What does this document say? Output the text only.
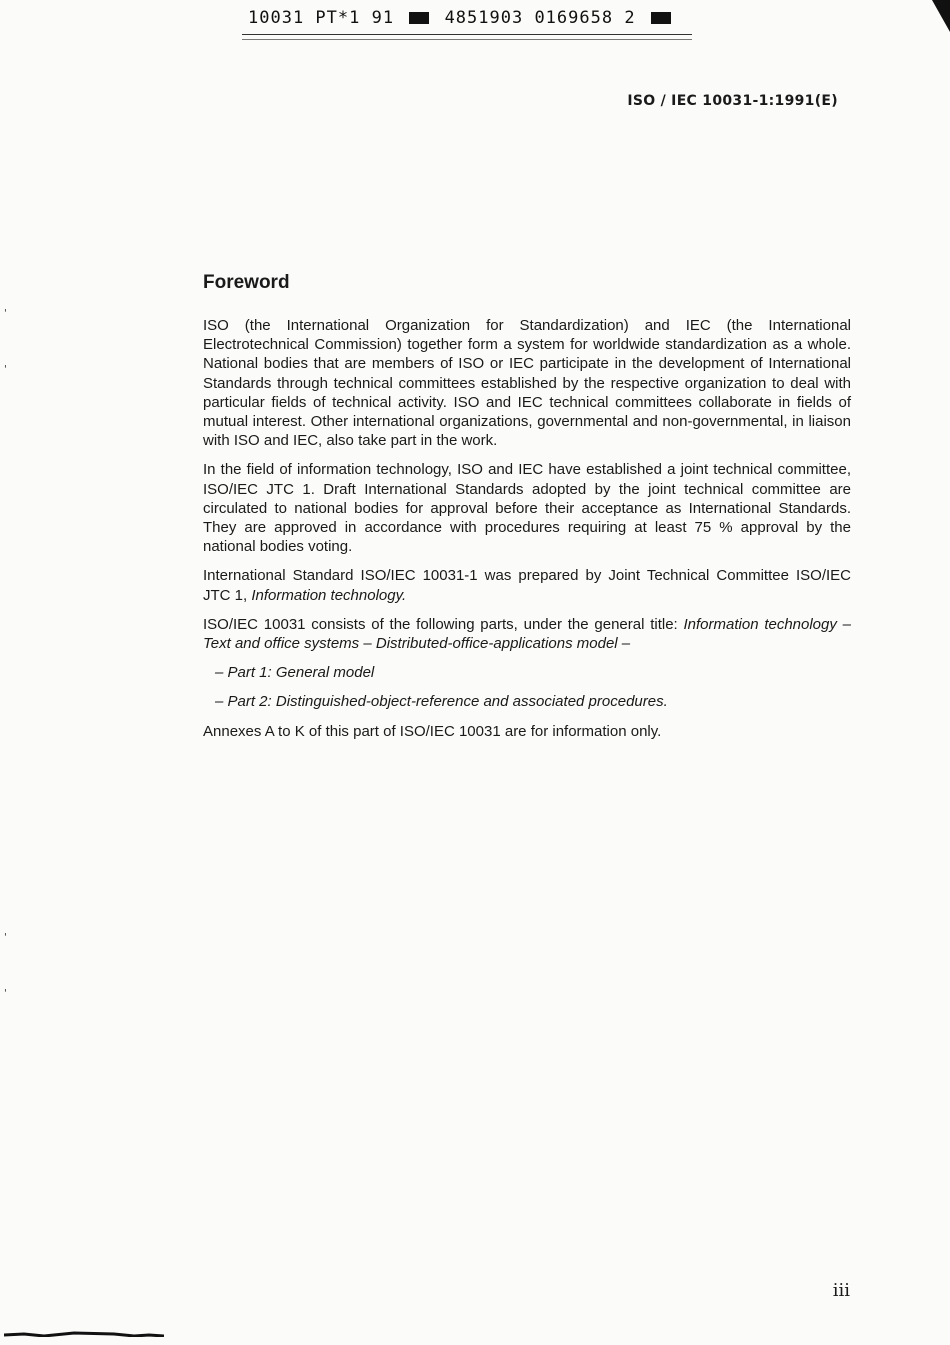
10031 PT*1 91	4851903 0169658 2
ISO / IEC 10031-1:1991(E)
Foreword

ISO (the International Organization for Standardization) and IEC (the International Electrotechnical Commission) together form a system for worldwide standardization as a whole. National bodies that are members of ISO or IEC participate in the development of International Standards through technical committees established by the respective organization to deal with particular fields of technical activity. ISO and IEC technical committees collaborate in fields of mutual interest. Other international organizations, governmental and non-governmental, in liaison with ISO and IEC, also take part in the work.

In the field of information technology, ISO and IEC have established a joint technical committee, ISO/IEC JTC 1. Draft International Standards adopted by the joint technical committee are circulated to national bodies for approval before their acceptance as International Standards. They are approved in accordance with procedures requiring at least 75 % approval by the national bodies voting.

International Standard ISO/IEC 10031-1 was prepared by Joint Technical Committee ISO/IEC JTC 1, Information technology.

ISO/IEC 10031 consists of the following parts, under the general title: Information technology – Text and office systems – Distributed-office-applications model –

– Part 1: General model

– Part 2: Distinguished-object-reference and associated procedures.

Annexes A to K of this part of ISO/IEC 10031 are for information only.

iii
'
'
'
'
